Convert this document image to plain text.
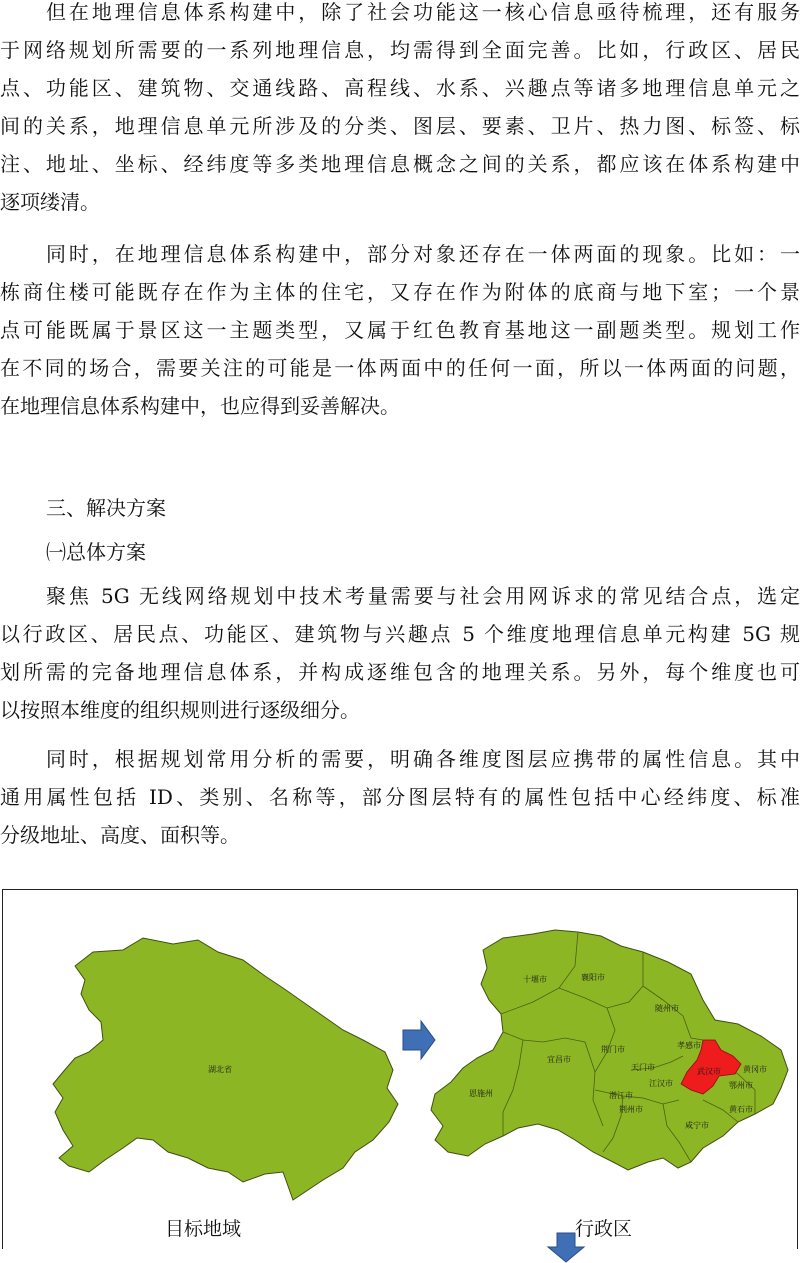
但在地理信息体系构建中，除了社会功能这一核心信息亟待梳理，还有服务
于网络规划所需要的一系列地理信息，均需得到全面完善。比如，行政区、居民
点、功能区、建筑物、交通线路、高程线、水系、兴趣点等诸多地理信息单元之
间的关系，地理信息单元所涉及的分类、图层、要素、卫片、热力图、标签、标
注、地址、坐标、经纬度等多类地理信息概念之间的关系，都应该在体系构建中
逐项缕清。
同时，在地理信息体系构建中，部分对象还存在一体两面的现象。比如：一
栋商住楼可能既存在作为主体的住宅，又存在作为附体的底商与地下室；一个景
点可能既属于景区这一主题类型，又属于红色教育基地这一副题类型。规划工作
在不同的场合，需要关注的可能是一体两面中的任何一面，所以一体两面的问题，
在地理信息体系构建中，也应得到妥善解决。
三、解决方案
㈠总体方案
聚焦 5G 无线网络规划中技术考量需要与社会用网诉求的常见结合点，选定
以行政区、居民点、功能区、建筑物与兴趣点 5 个维度地理信息单元构建 5G 规
划所需的完备地理信息体系，并构成逐维包含的地理关系。另外，每个维度也可
以按照本维度的组织规则进行逐级细分。
同时，根据规划常用分析的需要，明确各维度图层应携带的属性信息。其中
通用属性包括 ID、类别、名称等，部分图层特有的属性包括中心经纬度、标准
分级地址、高度、面积等。
湖北省
十堰市	襄阳市
随州市
荆门市	孝感市
宜昌市
天门市	武汉市	黄冈市
恩施州	潜江市
江汉市	鄂州市
荆州市	黄石市
咸宁市
目标地域	行政区
